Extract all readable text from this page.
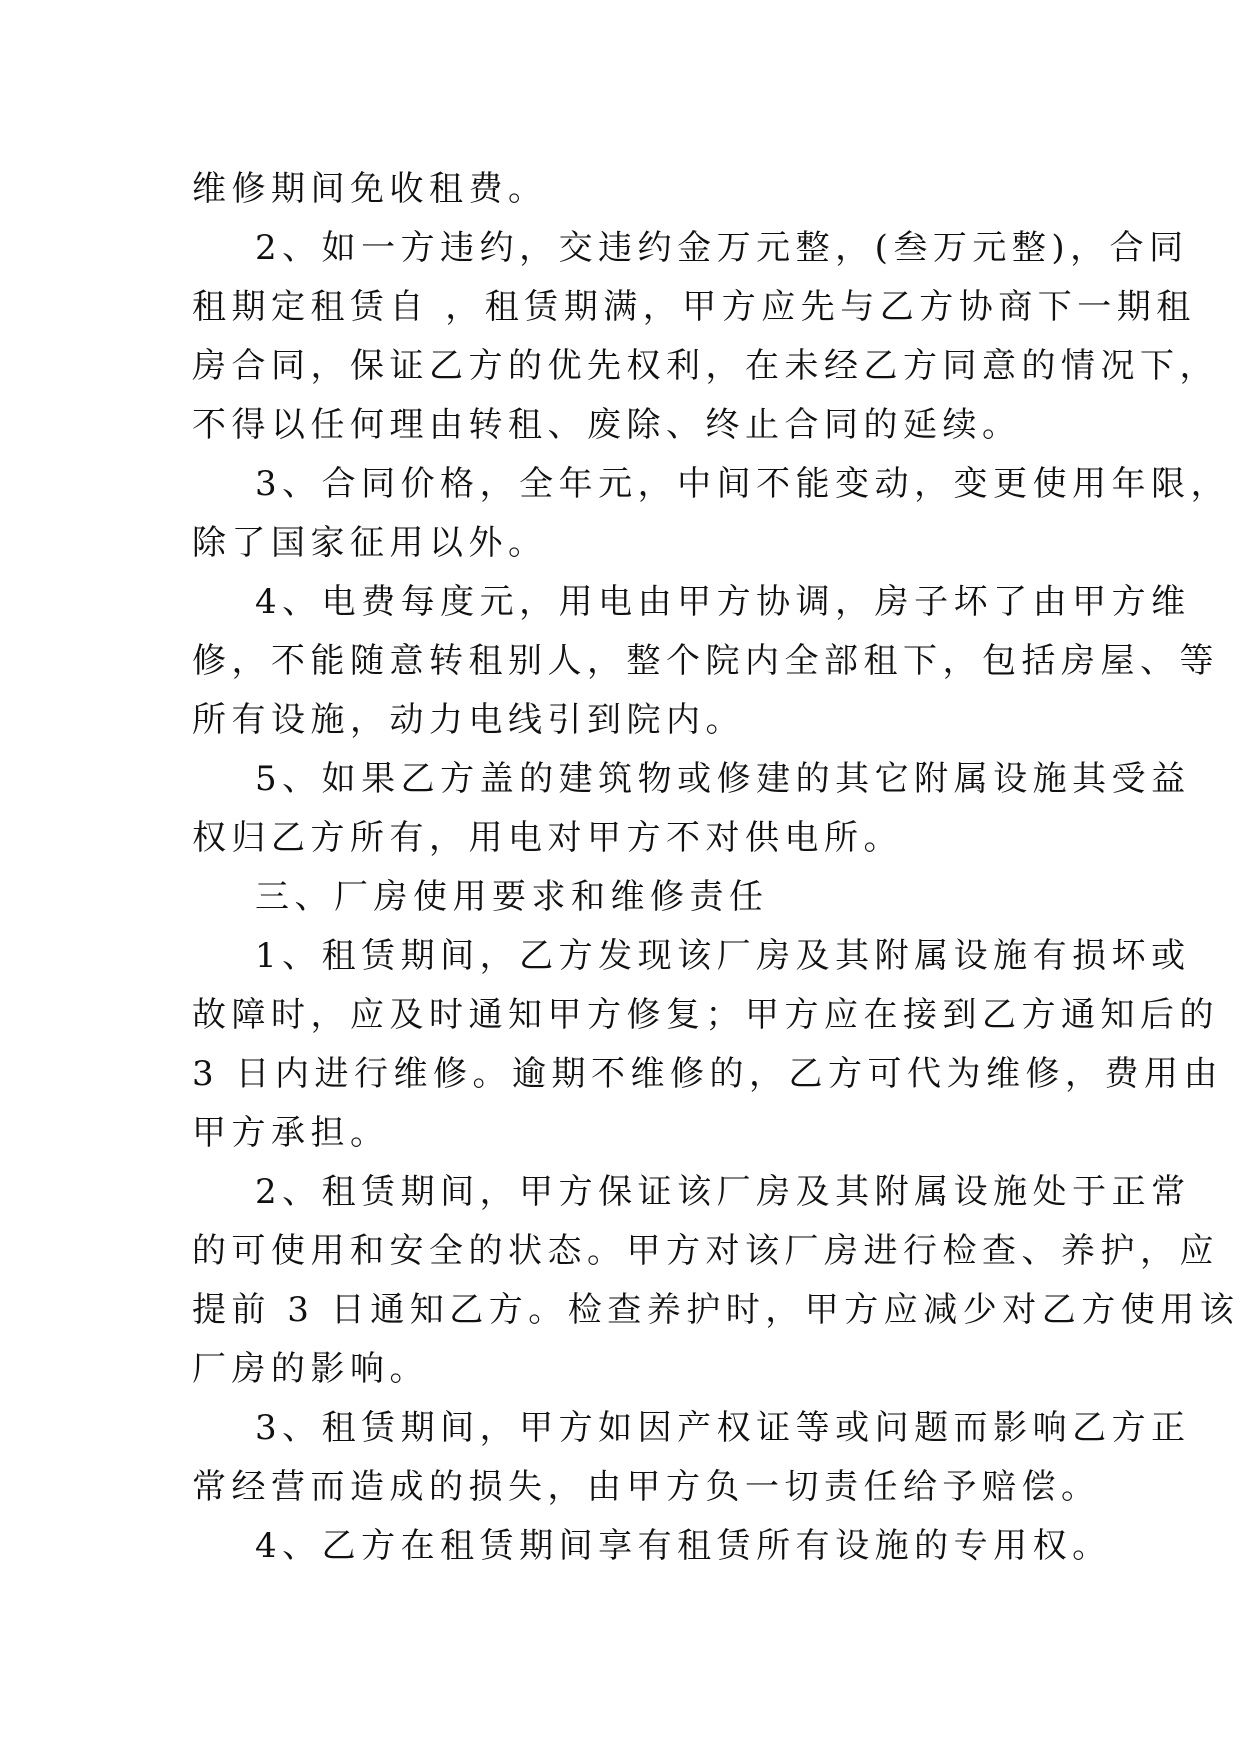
维修期间免收租费。
2、如一方违约，交违约金万元整，(叁万元整)，合同
租期定租赁自 ，租赁期满，甲方应先与乙方协商下一期租
房合同，保证乙方的优先权利，在未经乙方同意的情况下，
不得以任何理由转租、废除、终止合同的延续。
3、合同价格，全年元，中间不能变动，变更使用年限，
除了国家征用以外。
4、电费每度元，用电由甲方协调，房子坏了由甲方维
修，不能随意转租别人，整个院内全部租下，包括房屋、等
所有设施，动力电线引到院内。
5、如果乙方盖的建筑物或修建的其它附属设施其受益
权归乙方所有，用电对甲方不对供电所。
三、厂房使用要求和维修责任
1、租赁期间，乙方发现该厂房及其附属设施有损坏或
故障时，应及时通知甲方修复；甲方应在接到乙方通知后的
3 日内进行维修。逾期不维修的，乙方可代为维修，费用由
甲方承担。
2、租赁期间，甲方保证该厂房及其附属设施处于正常
的可使用和安全的状态。甲方对该厂房进行检查、养护，应
提前 3 日通知乙方。检查养护时，甲方应减少对乙方使用该
厂房的影响。
3、租赁期间，甲方如因产权证等或问题而影响乙方正
常经营而造成的损失，由甲方负一切责任给予赔偿。
4、乙方在租赁期间享有租赁所有设施的专用权。
